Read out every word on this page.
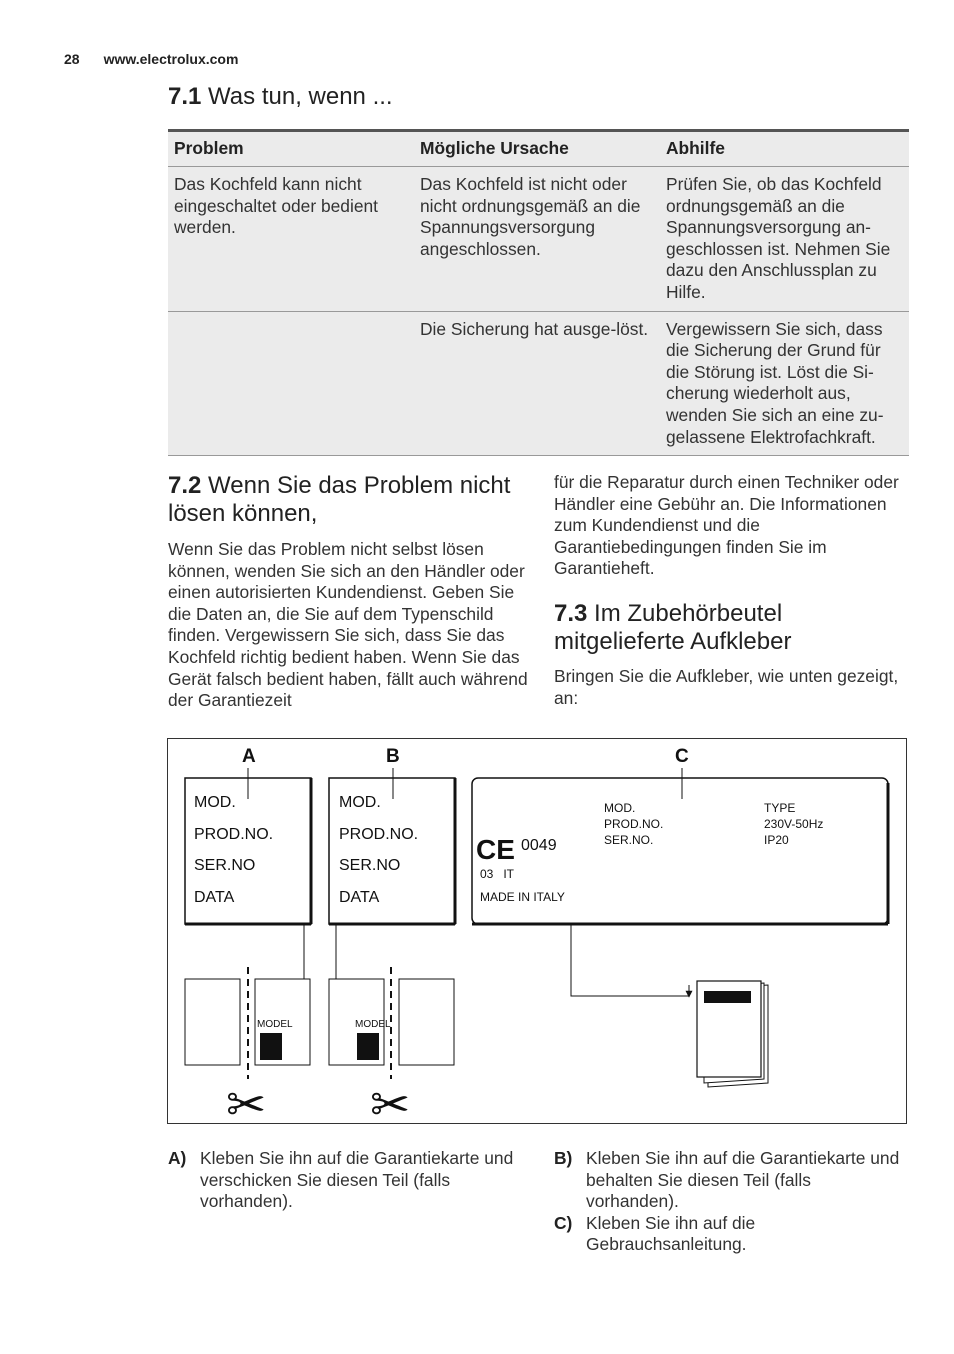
28 www.electrolux.com
7.1 Was tun, wenn ...
Problem	Mögliche Ursache	Abhilfe
Das Kochfeld kann nicht eingeschaltet oder bedient werden.	Das Kochfeld ist nicht oder nicht ordnungsgemäß an die Spannungsversorgung angeschlossen.	Prüfen Sie, ob das Kochfeld ordnungsgemäß an die Spannungsversorgung an-geschlossen ist. Nehmen Sie dazu den Anschlussplan zu Hilfe.
	Die Sicherung hat ausge-löst.	Vergewissern Sie sich, dass die Sicherung der Grund für die Störung ist. Löst die Si-cherung wiederholt aus, wenden Sie sich an eine zu-gelassene Elektrofachkraft.
7.2 Wenn Sie das Problem nicht lösen können,

Wenn Sie das Problem nicht selbst lösen können, wenden Sie sich an den Händler oder einen autorisierten Kundendienst. Geben Sie die Daten an, die Sie auf dem Typenschild finden. Vergewissern Sie sich, dass Sie das Kochfeld richtig bedient haben. Wenn Sie das Gerät falsch bedient haben, fällt auch während der Garantiezeit

für die Reparatur durch einen Techniker oder Händler eine Gebühr an. Die Informationen zum Kundendienst und die Garantiebedingungen finden Sie im Garantieheft.

7.3 Im Zubehörbeutel mitgelieferte Aufkleber

Bringen Sie die Aufkleber, wie unten gezeigt, an:

A	B	C
MOD.
PROD.NO.
SER.NO
DATA
MOD.
PROD.NO.
SER.NO
DATA
MOD.
PROD.NO.
SER.NO.
TYPE
230V-50Hz
IP20
CE 0049
03   IT
MADE IN ITALY
MODEL
✂
MODEL
✂

A) Kleben Sie ihn auf die Garantiekarte und verschicken Sie diesen Teil (falls vorhanden).

B) Kleben Sie ihn auf die Garantiekarte und behalten Sie diesen Teil (falls vorhanden).

C) Kleben Sie ihn auf die Gebrauchsanleitung.
